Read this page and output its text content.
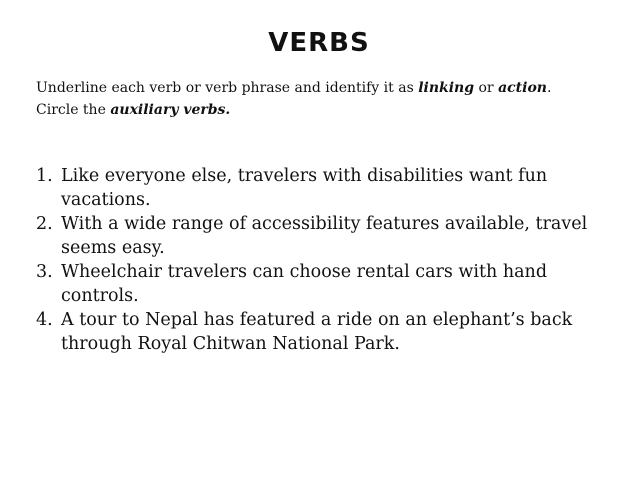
VERBS

Underline each verb or verb phrase and identify it as linking or action.
Circle the auxiliary verbs.

1. Like everyone else, travelers with disabilities want fun vacations.
2. With a wide range of accessibility features available, travel seems easy.
3. Wheelchair travelers can choose rental cars with hand controls.
4. A tour to Nepal has featured a ride on an elephant’s back through Royal Chitwan National Park.
